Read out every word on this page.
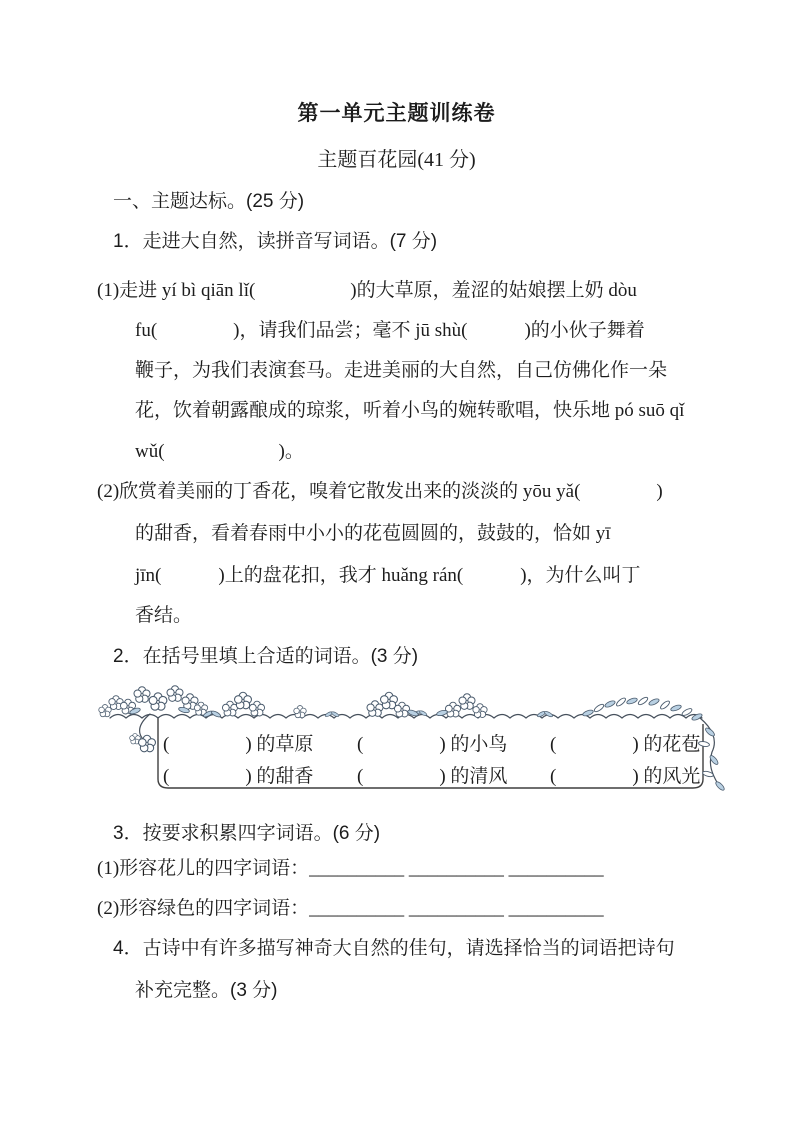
第一单元主题训练卷
主题百花园(41 分)
一、主题达标。(25 分)
1．走进大自然，读拼音写词语。(7 分)
(1)走进 yí bì qiān lǐ(　　　　　)的大草原，羞涩的姑娘摆上奶 dòu
fu(　　　　)，请我们品尝；毫不 jū shù(　　　)的小伙子舞着
鞭子，为我们表演套马。走进美丽的大自然，自己仿佛化作一朵
花，饮着朝露酿成的琼浆，听着小鸟的婉转歌唱，快乐地 pó suō qǐ
wǔ(　　　　　　)。
(2)欣赏着美丽的丁香花，嗅着它散发出来的淡淡的 yōu yǎ(　　　　)
的甜香，看着春雨中小小的花苞圆圆的，鼓鼓的，恰如 yī
jīn(　　　)上的盘花扣，我才 huǎng rán(　　　)，为什么叫丁
香结。
2．在括号里填上合适的词语。(3 分)
(　　　　) 的草原 (　　　　) 的小鸟 (　　　　) 的花苞
(　　　　) 的甜香 (　　　　) 的清风 (　　　　) 的风光
3．按要求积累四字词语。(6 分)
(1)形容花儿的四字词语：__________ __________ __________
(2)形容绿色的四字词语：__________ __________ __________
4．古诗中有许多描写神奇大自然的佳句，请选择恰当的词语把诗句
补充完整。(3 分)
